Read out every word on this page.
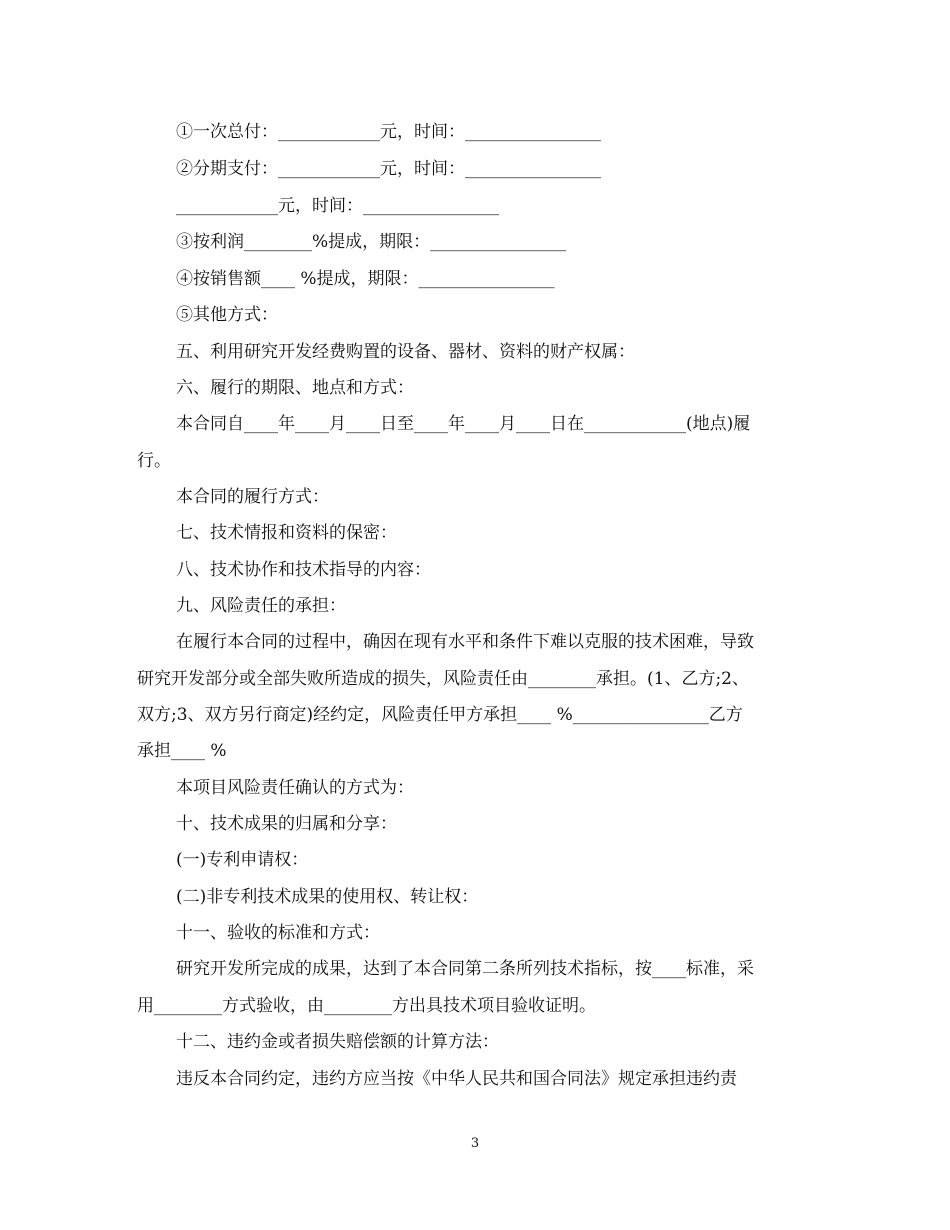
①一次总付：____________元，时间：________________
②分期支付：____________元，时间：________________
____________元，时间：________________
③按利润________%提成，期限：________________
④按销售额____ %提成，期限：________________
⑤其他方式：
五、利用研究开发经费购置的设备、器材、资料的财产权属：
六、履行的期限、地点和方式：
本合同自____年____月____日至____年____月____日在____________(地点)履
行。
本合同的履行方式：
七、技术情报和资料的保密：
八、技术协作和技术指导的内容：
九、风险责任的承担：
在履行本合同的过程中，确因在现有水平和条件下难以克服的技术困难，导致
研究开发部分或全部失败所造成的损失，风险责任由________承担。(1、乙方;2、
双方;3、双方另行商定)经约定，风险责任甲方承担____ %________________乙方
承担____ %
本项目风险责任确认的方式为：
十、技术成果的归属和分享：
(一)专利申请权：
(二)非专利技术成果的使用权、转让权：
十一、验收的标准和方式：
研究开发所完成的成果，达到了本合同第二条所列技术指标，按____标准，采
用________方式验收，由________方出具技术项目验收证明。
十二、违约金或者损失赔偿额的计算方法：
违反本合同约定，违约方应当按《中华人民共和国合同法》规定承担违约责
3
